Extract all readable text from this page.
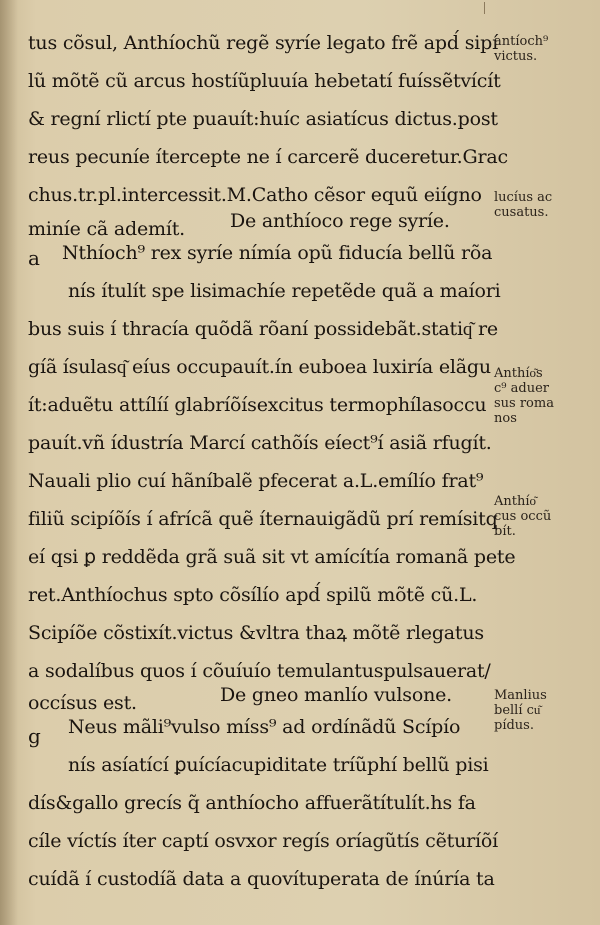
tus cõsul, Anthíochũ regẽ syríe legato frẽ apd́ sipí
lũ mõtẽ cũ arcus hostíũpluuía hebetatí fuíssẽtvícít
& regní rlictí pte puauít:huíc asiatícus dictus.post
reus pecuníe ítercepte ne í carcerẽ duceretur.Grac
chus.tr.pl.intercessit.M.Catho cẽsor equũ eiígno
miníe cã ademít. De anthíoco rege syríe.
a Nthíoch⁹ rex syríe nímía opũ fiducía bellũ rõa
nís ítulít spe lisimachíe repetẽde quã a maíori
bus suis í thracía quõdã rõaní possidebãt.statiq͂ re
gíã ísulasq͂ eíus occupauít.ín euboea luxiría elãgu
ít:aduẽtu attílíí glabríõísexcitus termophílasoccu
pauít.vñ ídustría Marcí cathõís eíect⁹í asiã rfugít.
Nauali plio cuí hãníbalẽ pfecerat a.L.emílío frat⁹
filiũ scipíõís í afrícã quẽ íternauigãdũ prí remísitq
eí qsi ꝑ reddẽda grã suã sit vt amícítía romanã pete
ret.Anthíochus spto cõsílío apd́ spilũ mõtẽ cũ.L.
Scipíõe cõstixít.victus &vltra thaꝝ mõtẽ rlegatus
a sodalíbus quos í cõuíuío temulantuspulsauerat/
occísus est.	De gneo manlío vulsone.
g Neus mãli⁹vulso míss⁹ ad ordínãdũ Scípío
nís asíatící ꝑuícíacupiditate tríũphí bellũ pisi
dís&gallo grecís q̃ anthíocho affuerãtítulít.hs fa
cíle víctís íter captí osvxor regís oríagũtís cẽturíõí
cuídã í custodíã data a quovítuperata de ínúría ta
antíoch⁹
victus.
lucíus ac
cusatus.
Anthío͂s
c⁹ aduer
sus roma
nos
Anthío͂
cus occũ
bít.
Manlius
bellí cu͂
pídus.
